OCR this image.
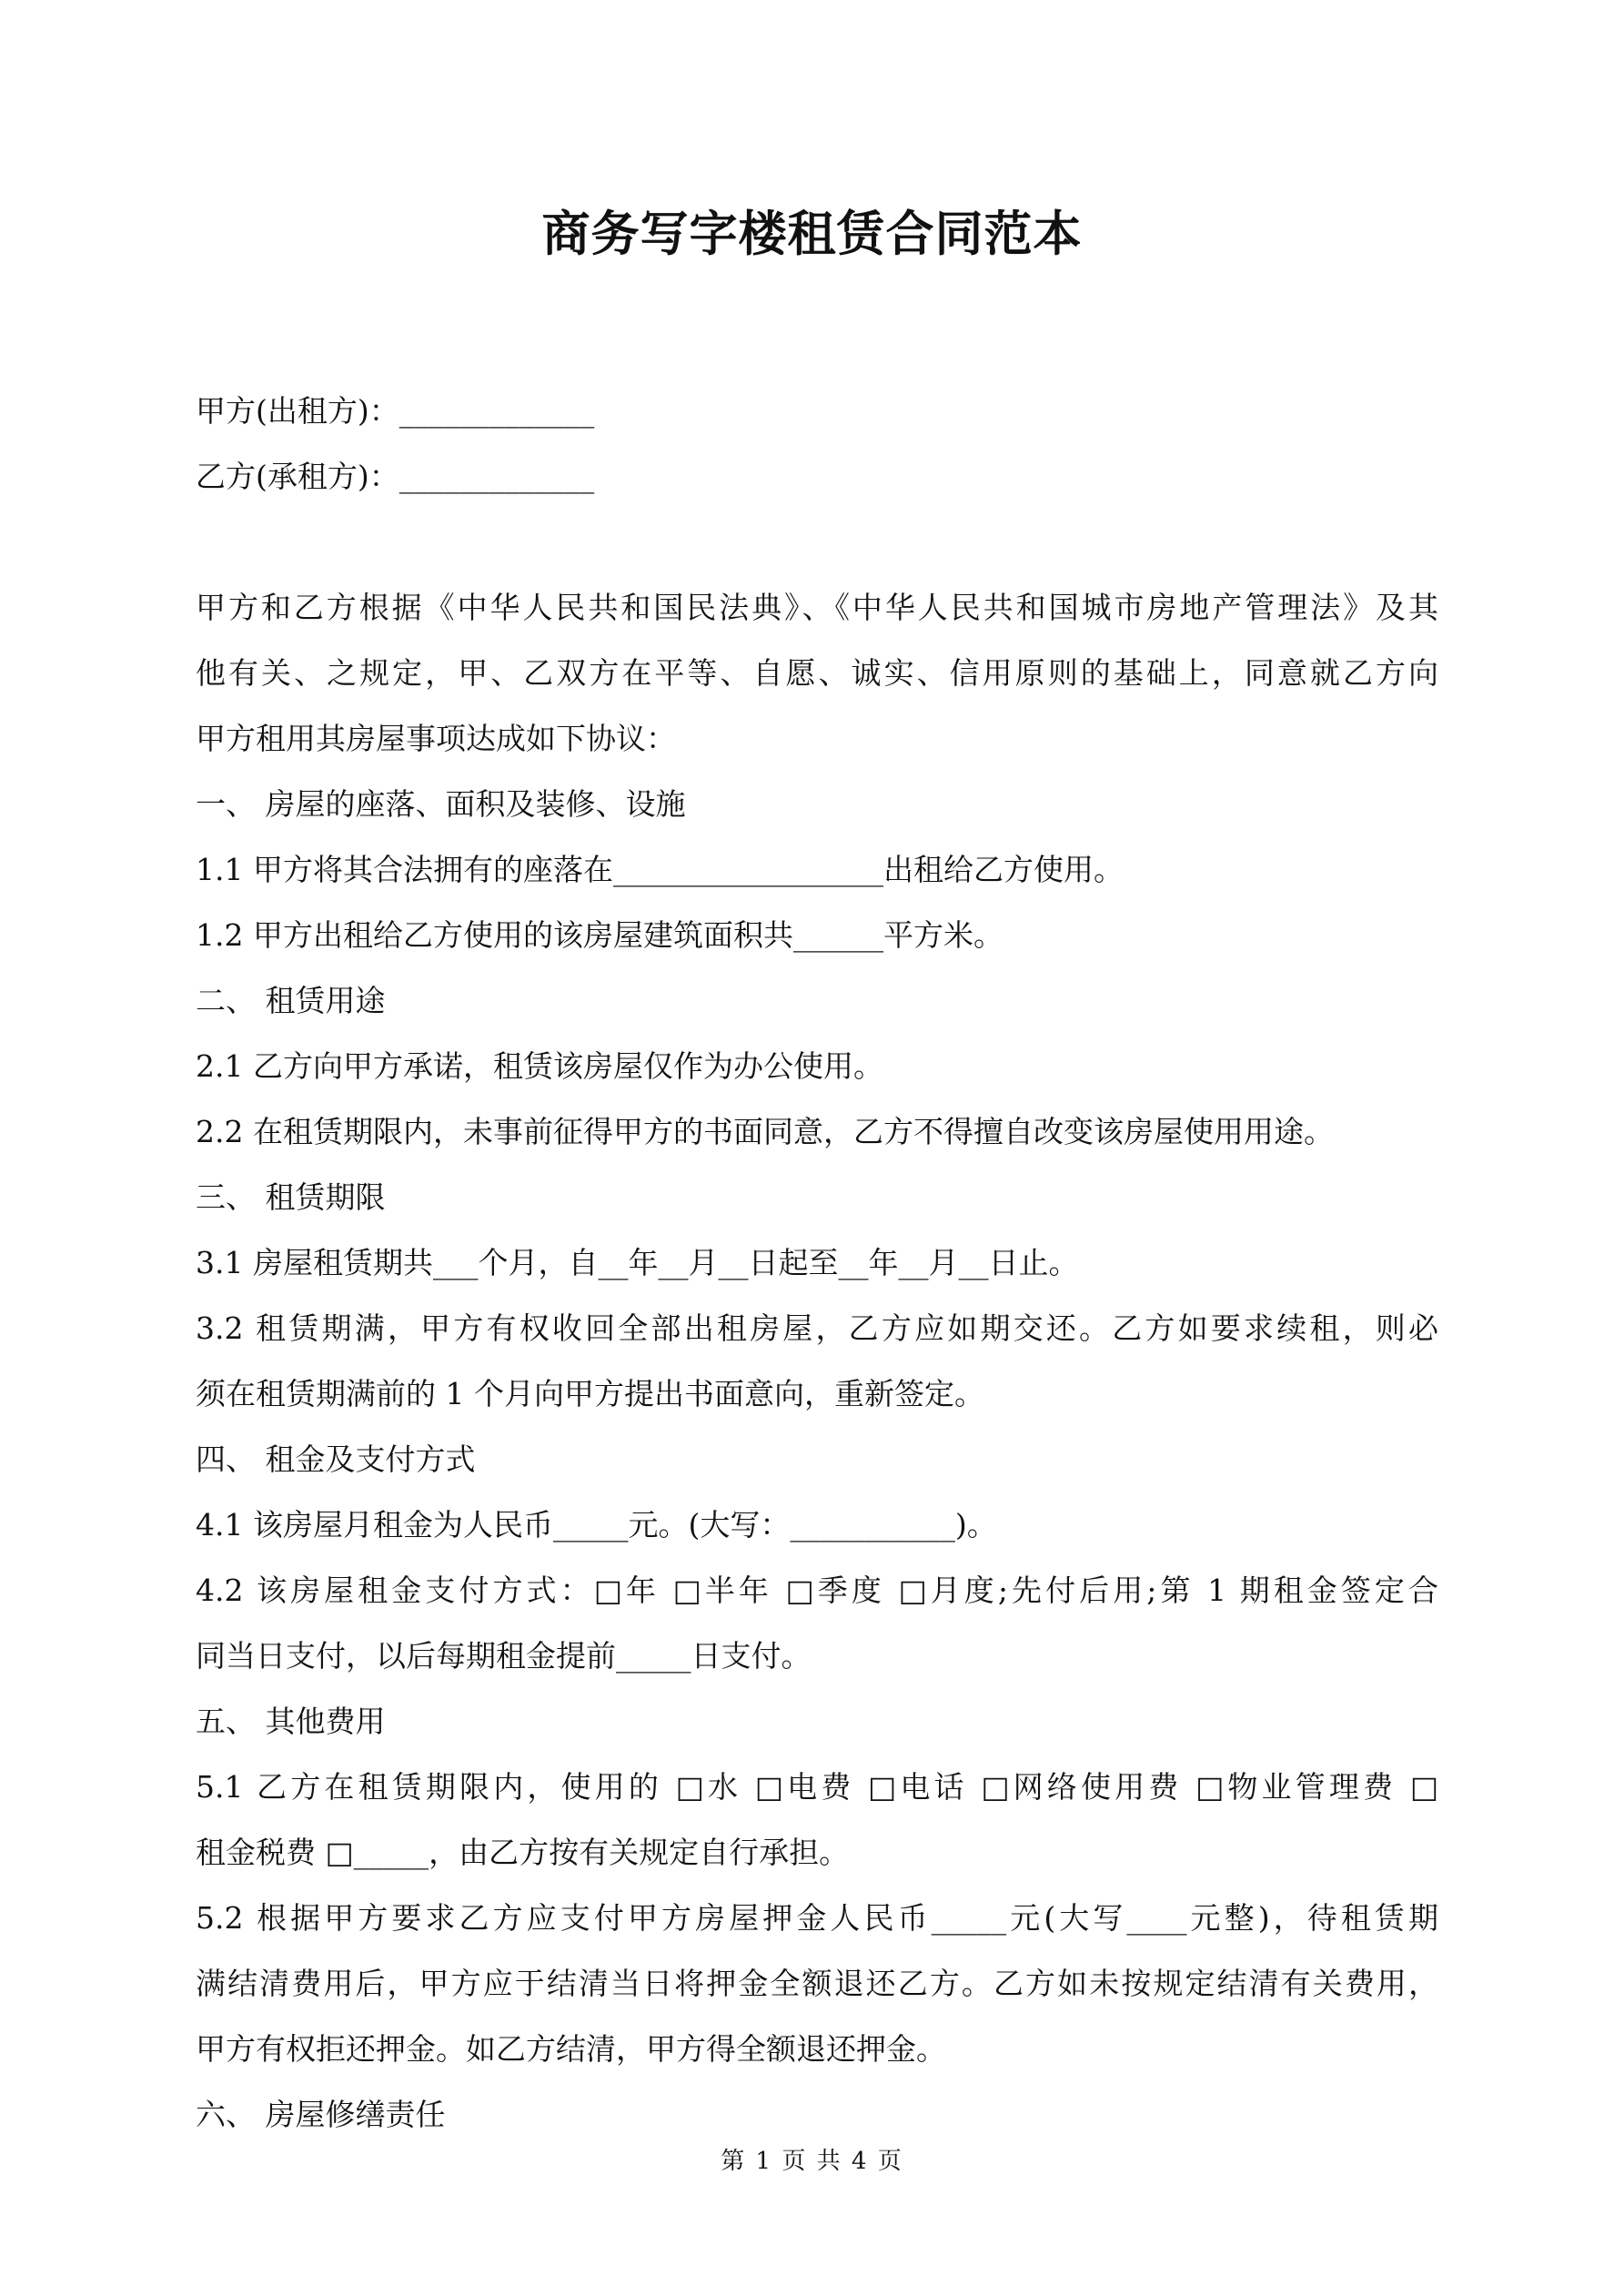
商务写字楼租赁合同范本

甲方(出租方)：_____________

乙方(承租方)：_____________

甲方和乙方根据《中华人民共和国民法典》、《中华人民共和国城市房地产管理法》及其

他有关、之规定，甲、乙双方在平等、自愿、诚实、信用原则的基础上，同意就乙方向

甲方租用其房屋事项达成如下协议：

一、 房屋的座落、面积及装修、设施

1.1 甲方将其合法拥有的座落在__________________出租给乙方使用。

1.2 甲方出租给乙方使用的该房屋建筑面积共______平方米。

二、 租赁用途

2.1 乙方向甲方承诺，租赁该房屋仅作为办公使用。

2.2 在租赁期限内，未事前征得甲方的书面同意，乙方不得擅自改变该房屋使用用途。

三、 租赁期限

3.1 房屋租赁期共___个月，自__年__月__日起至__年__月__日止。

3.2 租赁期满，甲方有权收回全部出租房屋，乙方应如期交还。乙方如要求续租，则必

须在租赁期满前的 1 个月向甲方提出书面意向，重新签定。

四、 租金及支付方式

4.1 该房屋月租金为人民币_____元。(大写：___________)。

4.2 该房屋租金支付方式：□年 □半年 □季度 □月度;先付后用;第 1 期租金签定合

同当日支付，以后每期租金提前_____日支付。

五、 其他费用

5.1 乙方在租赁期限内，使用的 □水 □电费 □电话 □网络使用费 □物业管理费 □

租金税费 □_____，由乙方按有关规定自行承担。

5.2 根据甲方要求乙方应支付甲方房屋押金人民币_____元(大写____元整)，待租赁期

满结清费用后，甲方应于结清当日将押金全额退还乙方。乙方如未按规定结清有关费用，

甲方有权拒还押金。如乙方结清，甲方得全额退还押金。

六、 房屋修缮责任

第 1 页 共 4 页
